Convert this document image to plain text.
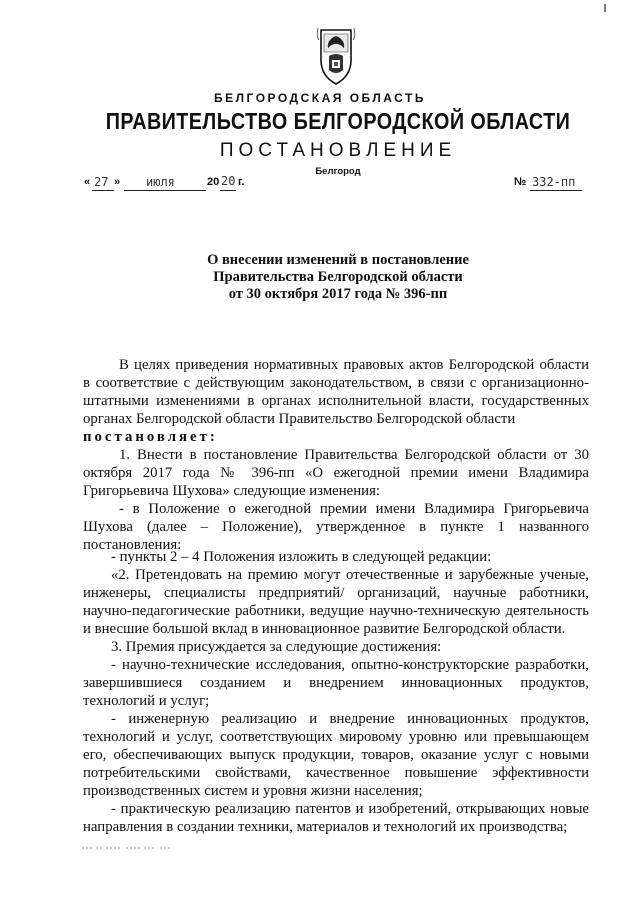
БЕЛГОРОДСКАЯ ОБЛАСТЬ
ПРАВИТЕЛЬСТВО БЕЛГОРОДСКОЙ ОБЛАСТИ
ПОСТАНОВЛЕНИЕ
Белгород
« 27 » июля	20 20 г.	№ 332-пп
О внесении изменений в постановление
Правительства Белгородской области
от 30 октября 2017 года № 396-пп
В целях приведения нормативных правовых актов Белгородской области в соответствие с действующим законодательством, в связи с организационно-штатными изменениями в органах исполнительной власти, государственных органах Белгородской области Правительство Белгородской области
постановляет:
1. Внести в постановление Правительства Белгородской области от 30 октября 2017 года № 396-пп «О ежегодной премии имени Владимира Григорьевича Шухова» следующие изменения:
- в Положение о ежегодной премии имени Владимира Григорьевича Шухова (далее – Положение), утвержденное в пункте 1 названного постановления:
- пункты 2 – 4 Положения изложить в следующей редакции:
«2. Претендовать на премию могут отечественные и зарубежные ученые, инженеры, специалисты предприятий/ организаций, научные работники, научно-педагогические работники, ведущие научно-техническую деятельность и внесшие большой вклад в инновационное развитие Белгородской области.
3. Премия присуждается за следующие достижения:
- научно-технические исследования, опытно-конструкторские разработки, завершившиеся созданием и внедрением инновационных продуктов, технологий и услуг;
- инженерную реализацию и внедрение инновационных продуктов, технологий и услуг, соответствующих мировому уровню или превышающем его, обеспечивающих выпуск продукции, товаров, оказание услуг с новыми потребительскими свойствами, качественное повышение эффективности производственных систем и уровня жизни населения;
- практическую реализацию патентов и изобретений, открывающих новые направления в создании техники, материалов и технологий их производства;
